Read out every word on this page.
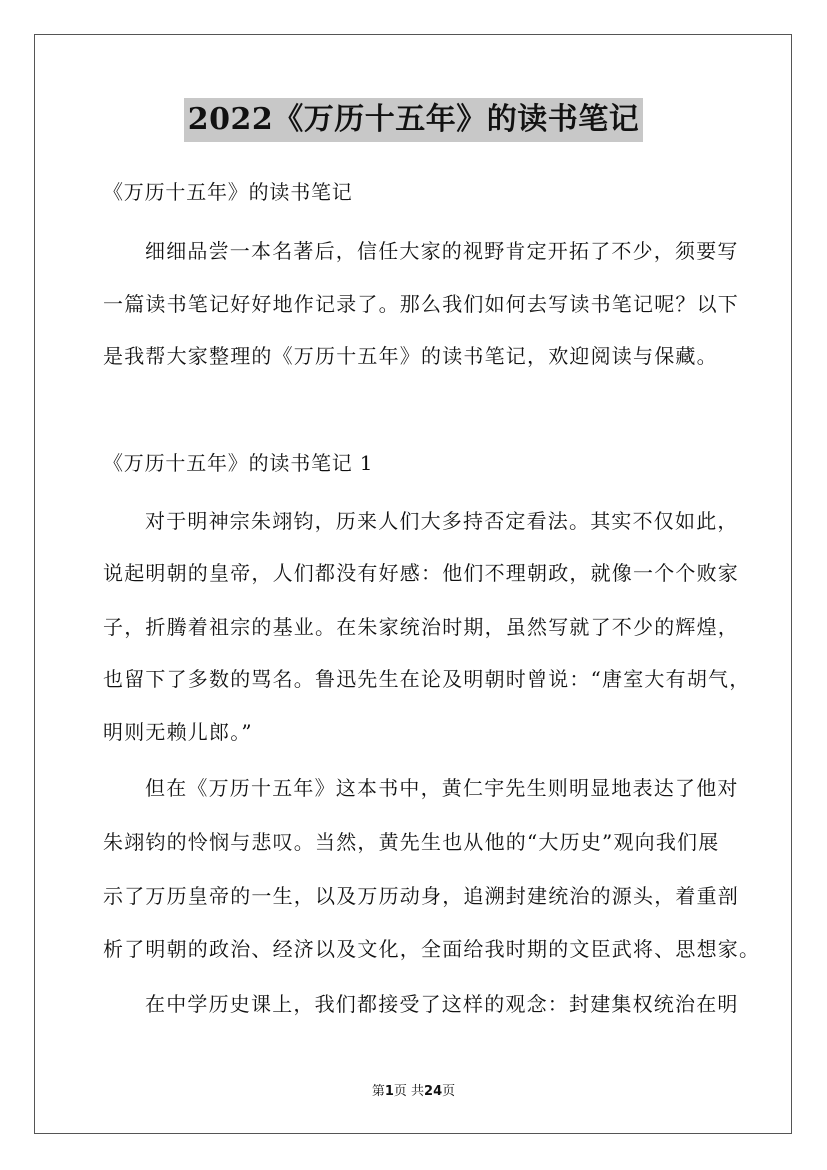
2022《万历十五年》的读书笔记
《万历十五年》的读书笔记
细细品尝一本名著后，信任大家的视野肯定开拓了不少，须要写
一篇读书笔记好好地作记录了。那么我们如何去写读书笔记呢？以下
是我帮大家整理的《万历十五年》的读书笔记，欢迎阅读与保藏。
《万历十五年》的读书笔记 1
对于明神宗朱翊钧，历来人们大多持否定看法。其实不仅如此，
说起明朝的皇帝，人们都没有好感：他们不理朝政，就像一个个败家
子，折腾着祖宗的基业。在朱家统治时期，虽然写就了不少的辉煌，
也留下了多数的骂名。鲁迅先生在论及明朝时曾说：“唐室大有胡气，
明则无赖儿郎。”
但在《万历十五年》这本书中，黄仁宇先生则明显地表达了他对
朱翊钧的怜悯与悲叹。当然，黄先生也从他的“大历史”观向我们展
示了万历皇帝的一生，以及万历动身，追溯封建统治的源头，着重剖
析了明朝的政治、经济以及文化，全面给我时期的文臣武将、思想家。
在中学历史课上，我们都接受了这样的观念：封建集权统治在明
第1页 共24页
